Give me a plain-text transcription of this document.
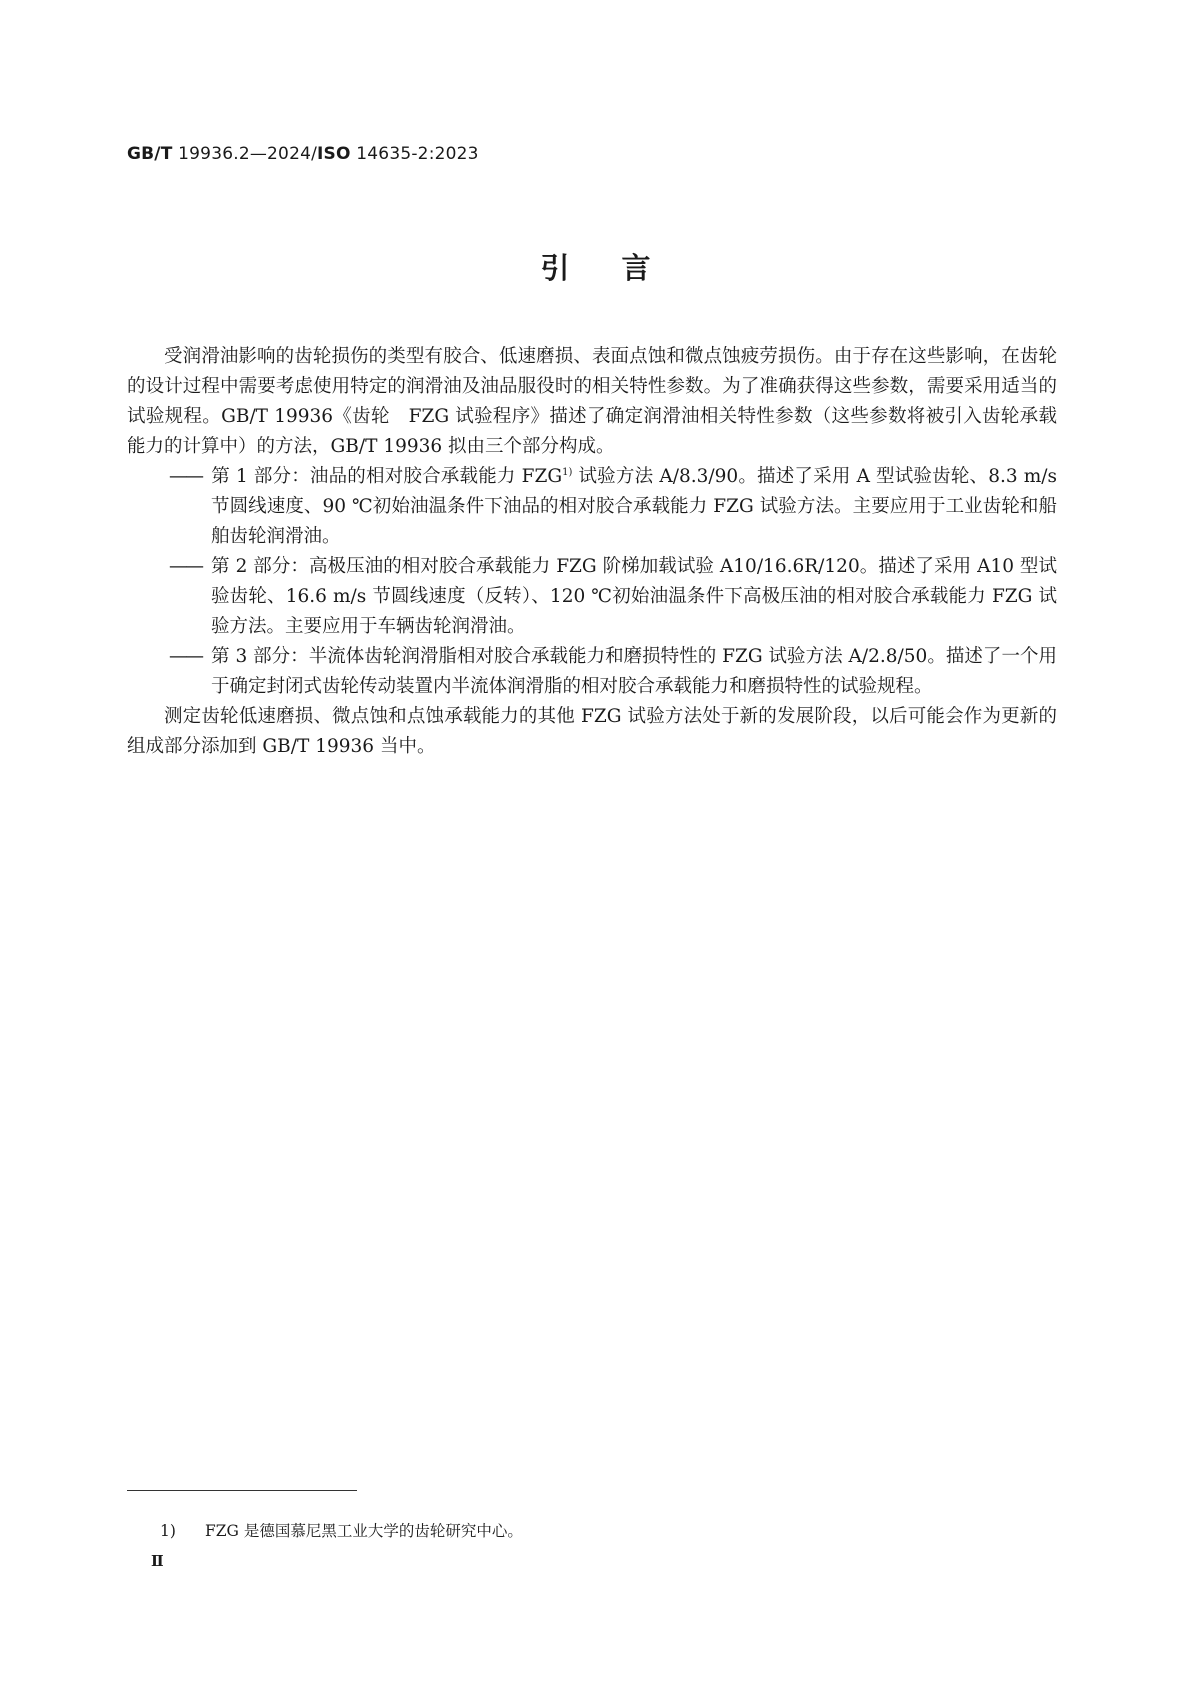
GB/T 19936.2—2024/ISO 14635-2:2023
引言

受润滑油影响的齿轮损伤的类型有胶合、低速磨损、表面点蚀和微点蚀疲劳损伤。由于存在这些影响，在齿轮的设计过程中需要考虑使用特定的润滑油及油品服役时的相关特性参数。为了准确获得这些参数，需要采用适当的试验规程。GB/T 19936《齿轮　FZG 试验程序》描述了确定润滑油相关特性参数（这些参数将被引入齿轮承载能力的计算中）的方法，GB/T 19936 拟由三个部分构成。

—— 第 1 部分：油品的相对胶合承载能力 FZG$^{1)}$ 试验方法 A/8.3/90。描述了采用 A 型试验齿轮、8.3 m/s 节圆线速度、90 ℃初始油温条件下油品的相对胶合承载能力 FZG 试验方法。主要应用于工业齿轮和船舶齿轮润滑油。

—— 第 2 部分：高极压油的相对胶合承载能力 FZG 阶梯加载试验 A10/16.6R/120。描述了采用 A10 型试验齿轮、16.6 m/s 节圆线速度（反转）、120 ℃初始油温条件下高极压油的相对胶合承载能力 FZG 试验方法。主要应用于车辆齿轮润滑油。

—— 第 3 部分：半流体齿轮润滑脂相对胶合承载能力和磨损特性的 FZG 试验方法 A/2.8/50。描述了一个用于确定封闭式齿轮传动装置内半流体润滑脂的相对胶合承载能力和磨损特性的试验规程。

测定齿轮低速磨损、微点蚀和点蚀承载能力的其他 FZG 试验方法处于新的发展阶段，以后可能会作为更新的组成部分添加到 GB/T 19936 当中。

1) FZG 是德国慕尼黑工业大学的齿轮研究中心。
Ⅱ
